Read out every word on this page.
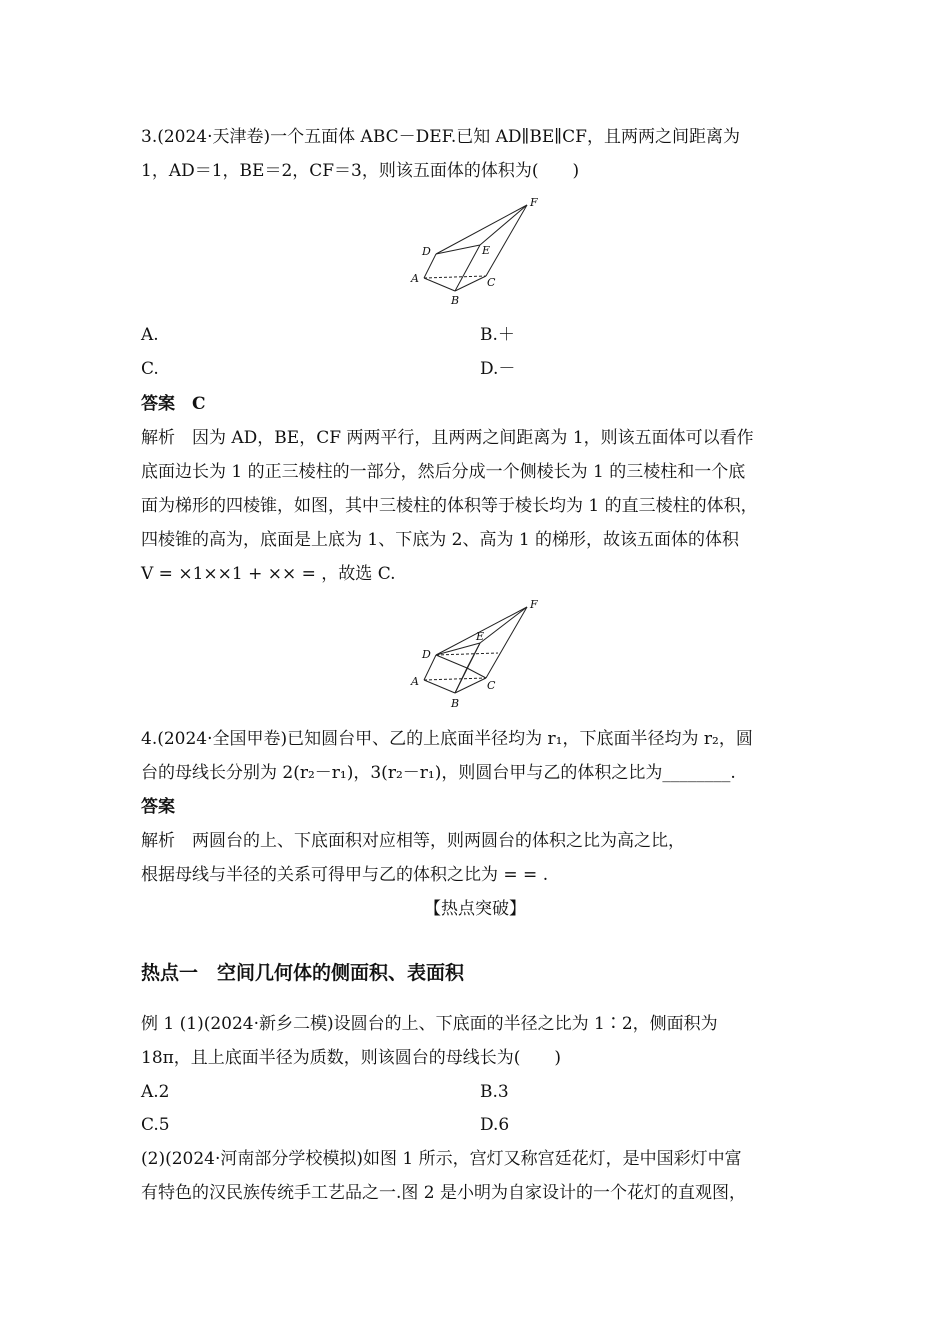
3.(2024·天津卷)一个五面体 ABC－DEF.已知 AD∥BE∥CF，且两两之间距离为
1，AD＝1，BE＝2，CF＝3，则该五面体的体积为(　　)
F
D	E
A	C
B
A.	B.＋
C.	D.－
答案　C
解析　因为 AD，BE，CF 两两平行，且两两之间距离为 1，则该五面体可以看作
底面边长为 1 的正三棱柱的一部分，然后分成一个侧棱长为 1 的三棱柱和一个底
面为梯形的四棱锥，如图，其中三棱柱的体积等于棱长均为 1 的直三棱柱的体积，
四棱锥的高为，底面是上底为 1、下底为 2、高为 1 的梯形，故该五面体的体积
V = ×1××1 + ×× = ，故选 C.
F
E
D
A	C
B
4.(2024·全国甲卷)已知圆台甲、乙的上底面半径均为 r₁，下底面半径均为 r₂，圆
台的母线长分别为 2(r₂－r₁)，3(r₂－r₁)，则圆台甲与乙的体积之比为________.
答案
解析　两圆台的上、下底面积对应相等，则两圆台的体积之比为高之比，
根据母线与半径的关系可得甲与乙的体积之比为 = = .
【热点突破】
热点一　空间几何体的侧面积、表面积
例 1 (1)(2024·新乡二模)设圆台的上、下底面的半径之比为 1∶2，侧面积为
18π，且上底面半径为质数，则该圆台的母线长为(　　)
A.2	B.3
C.5	D.6
(2)(2024·河南部分学校模拟)如图 1 所示，宫灯又称宫廷花灯，是中国彩灯中富
有特色的汉民族传统手工艺品之一.图 2 是小明为自家设计的一个花灯的直观图，
